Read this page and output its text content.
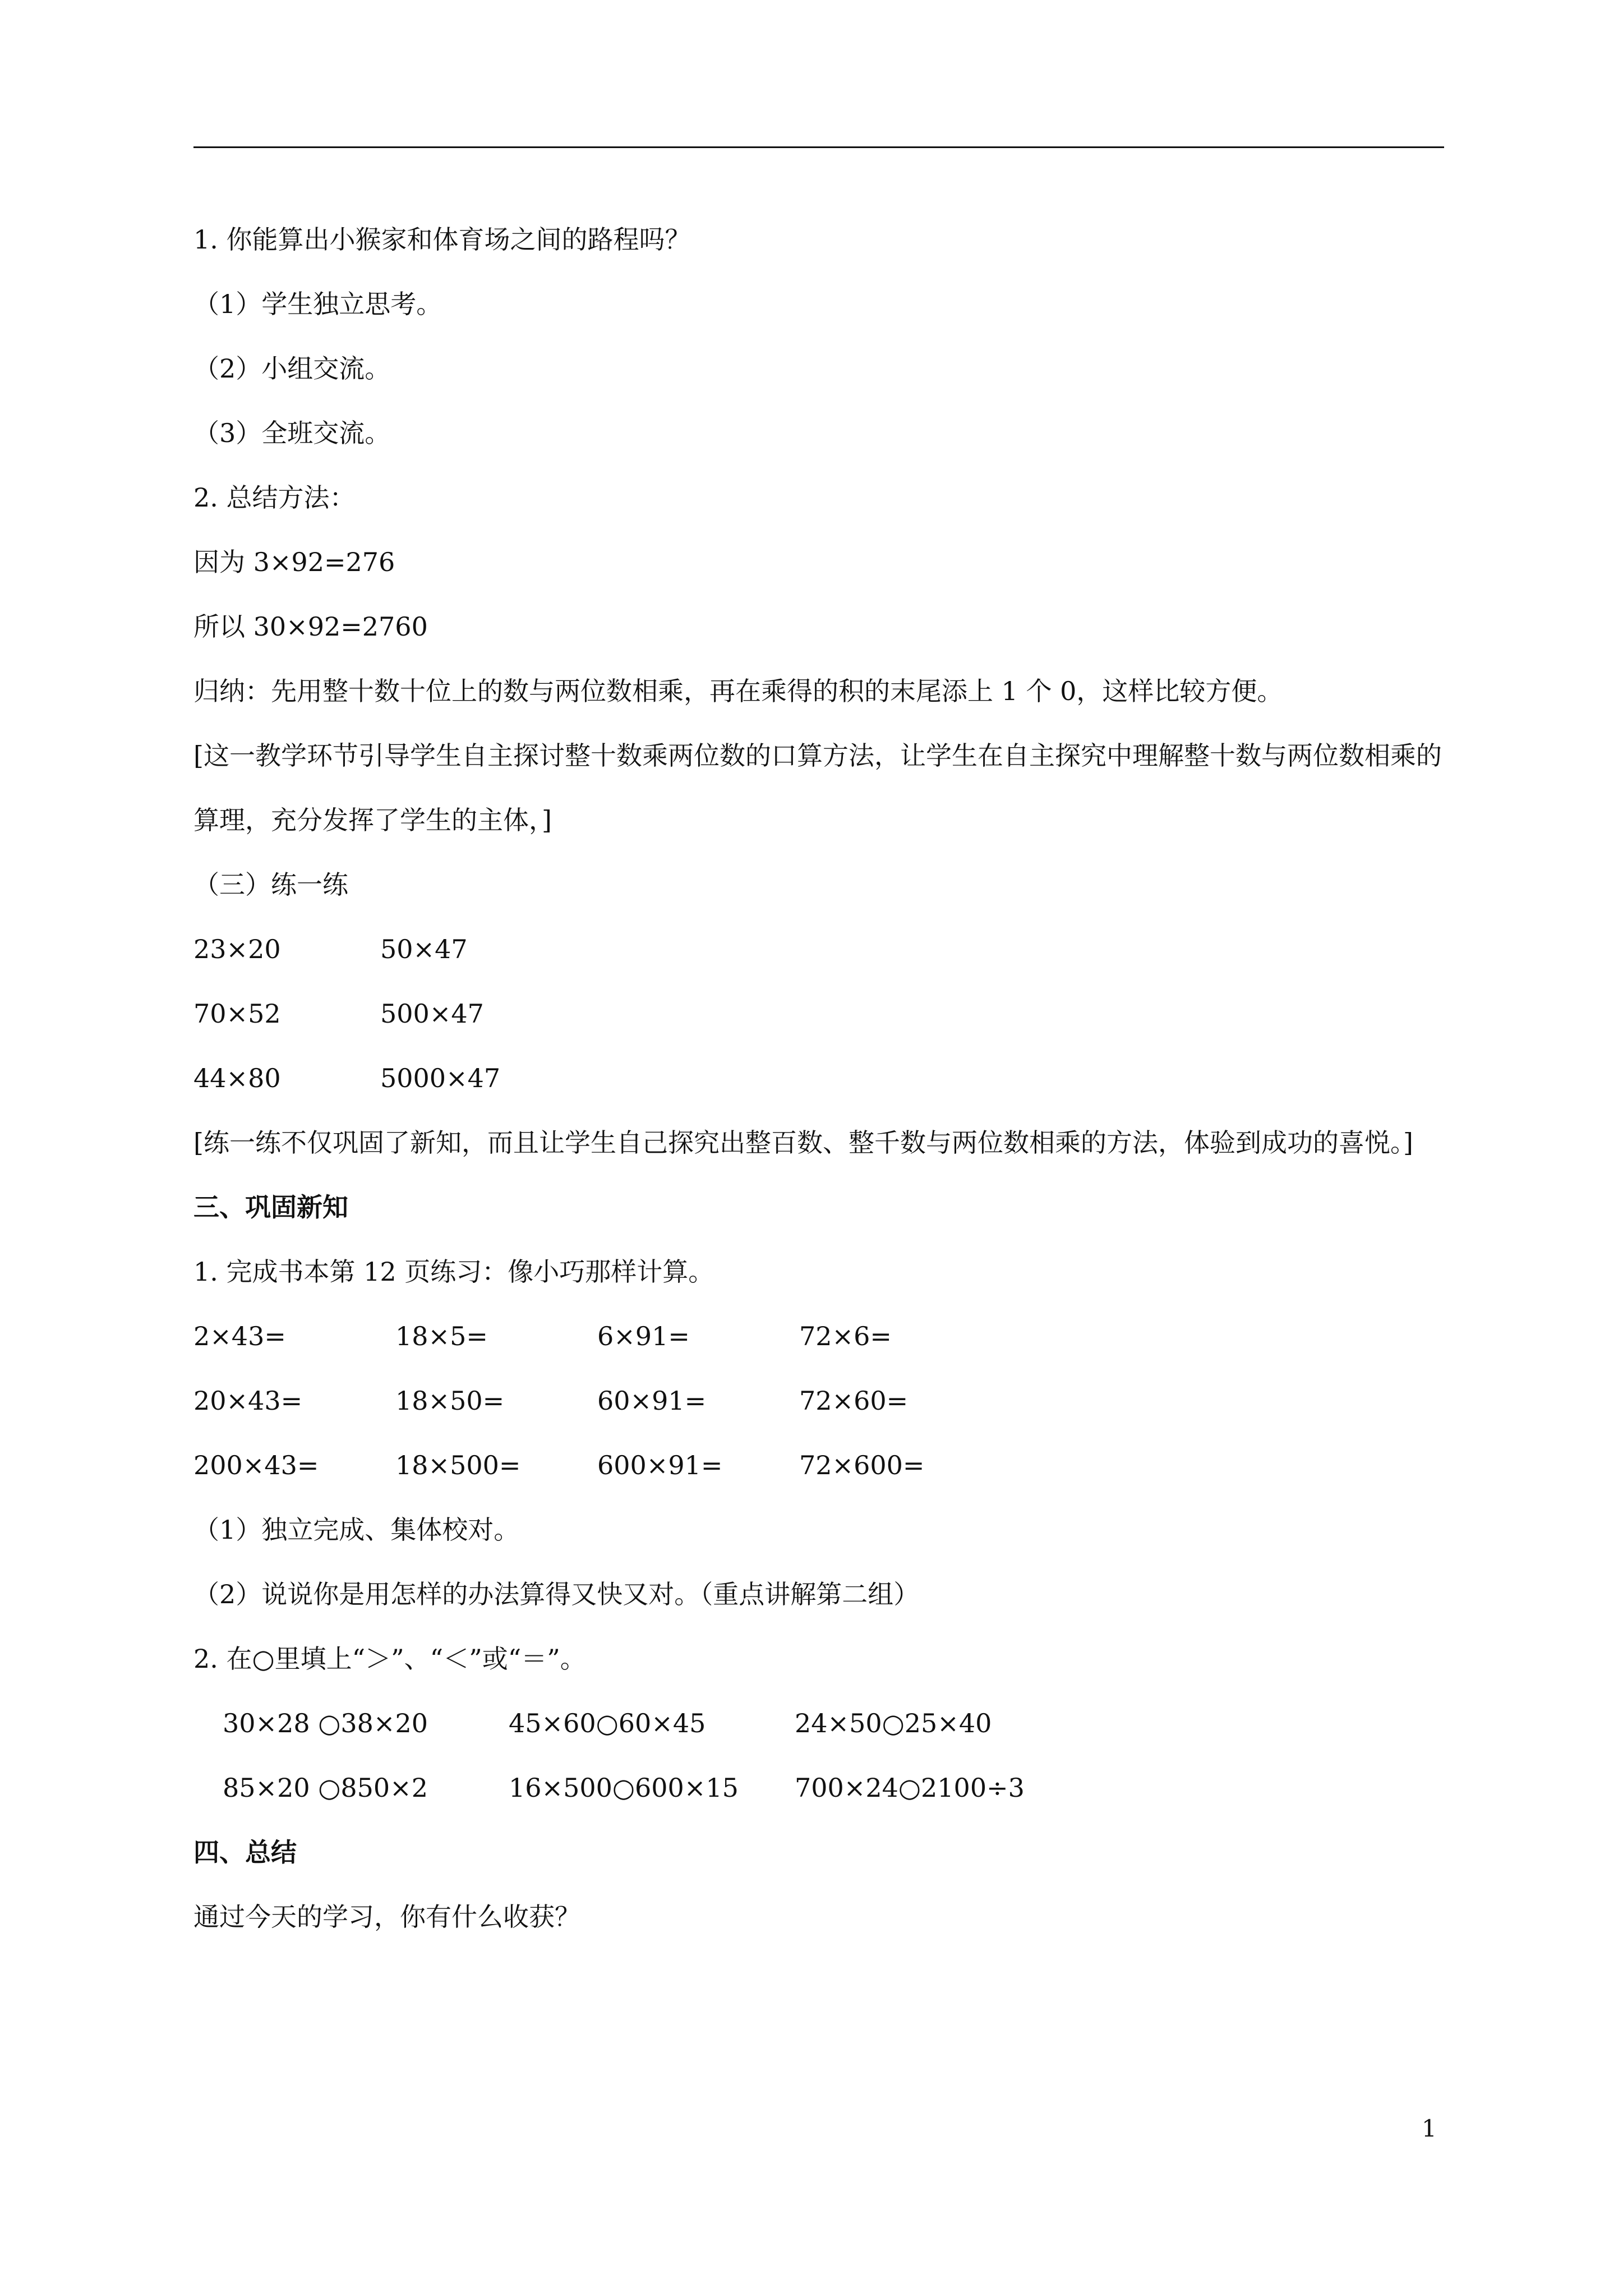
1. 你能算出小猴家和体育场之间的路程吗？
（1）学生独立思考。
（2）小组交流。
（3）全班交流。
2. 总结方法：
因为 3×92=276
所以 30×92=2760
归纳：先用整十数十位上的数与两位数相乘，再在乘得的积的末尾添上 1 个 0，这样比较方便。
[这一教学环节引导学生自主探讨整十数乘两位数的口算方法，让学生在自主探究中理解整十数与两位数相乘的算理，充分发挥了学生的主体，]
（三）练一练
23×20	50×47
70×52	500×47
44×80	5000×47
[练一练不仅巩固了新知，而且让学生自己探究出整百数、整千数与两位数相乘的方法，体验到成功的喜悦。]
三、巩固新知
1. 完成书本第 12 页练习：像小巧那样计算。
2×43=	18×5=	6×91=	72×6=
20×43=	18×50=	60×91=	72×60=
200×43=	18×500=	600×91=	72×600=
（1）独立完成、集体校对。
（2）说说你是用怎样的办法算得又快又对。（重点讲解第二组）
2. 在○里填上“＞”、“＜”或“＝”。
30×28 ○38×20	45×60○60×45	24×50○25×40
85×20 ○850×2	16×500○600×15	700×24○2100÷3
四、总结
通过今天的学习，你有什么收获？
1
